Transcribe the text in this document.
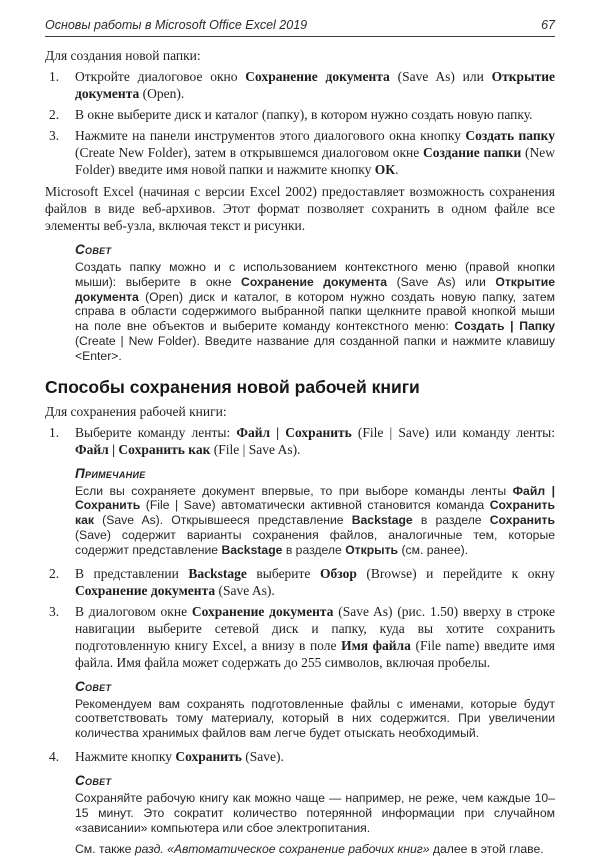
Основы работы в Microsoft Office Excel 2019	67

Для создания новой папки:

1.	Откройте диалоговое окно Сохранение документа (Save As) или Открытие документа (Open).
2.	В окне выберите диск и каталог (папку), в котором нужно создать новую папку.
3.	Нажмите на панели инструментов этого диалогового окна кнопку Создать папку (Create New Folder), затем в открывшемся диалоговом окне Создание папки (New Folder) введите имя новой папки и нажмите кнопку ОК.

Microsoft Excel (начиная с версии Excel 2002) предоставляет возможность сохранения файлов в виде веб-архивов. Этот формат позволяет сохранить в одном файле все элементы веб-узла, включая текст и рисунки.

Совет

Создать папку можно и с использованием контекстного меню (правой кнопки мыши): выберите в окне Сохранение документа (Save As) или Открытие документа (Open) диск и каталог, в котором нужно создать новую папку, затем справа в области содержимого выбранной папки щелкните правой кнопкой мыши на поле вне объектов и выберите команду контекстного меню: Создать | Папку (Create | New Folder). Введите название для созданной папки и нажмите клавишу <Enter>.

Способы сохранения новой рабочей книги

Для сохранения рабочей книги:

1.	Выберите команду ленты: Файл | Сохранить (File | Save) или команду ленты: Файл | Сохранить как (File | Save As).
Примечание

Если вы сохраняете документ впервые, то при выборе команды ленты Файл | Сохранить (File | Save) автоматически активной становится команда Сохранить как (Save As). Открывшееся представление Backstage в разделе Сохранить (Save) содержит варианты сохранения файлов, аналогичные тем, которые содержит представление Backstage в разделе Открыть (см. ранее).

2.	В представлении Backstage выберите Обзор (Browse) и перейдите к окну Сохранение документа (Save As).
3.	В диалоговом окне Сохранение документа (Save As) (рис. 1.50) вверху в строке навигации выберите сетевой диск и папку, куда вы хотите сохранить подготовленную книгу Excel, а внизу в поле Имя файла (File name) введите имя файла. Имя файла может содержать до 255 символов, включая пробелы.
Совет

Рекомендуем вам сохранять подготовленные файлы с именами, которые будут соответствовать тому материалу, который в них содержится. При увеличении количества хранимых файлов вам легче будет отыскать необходимый.

4.	Нажмите кнопку Сохранить (Save).
Совет

Сохраняйте рабочую книгу как можно чаще — например, не реже, чем каждые 10–15 минут. Это сократит количество потерянной информации при случайном «зависании» компьютера или сбое электропитания.

См. также разд. «Автоматическое сохранение рабочих книг» далее в этой главе.
